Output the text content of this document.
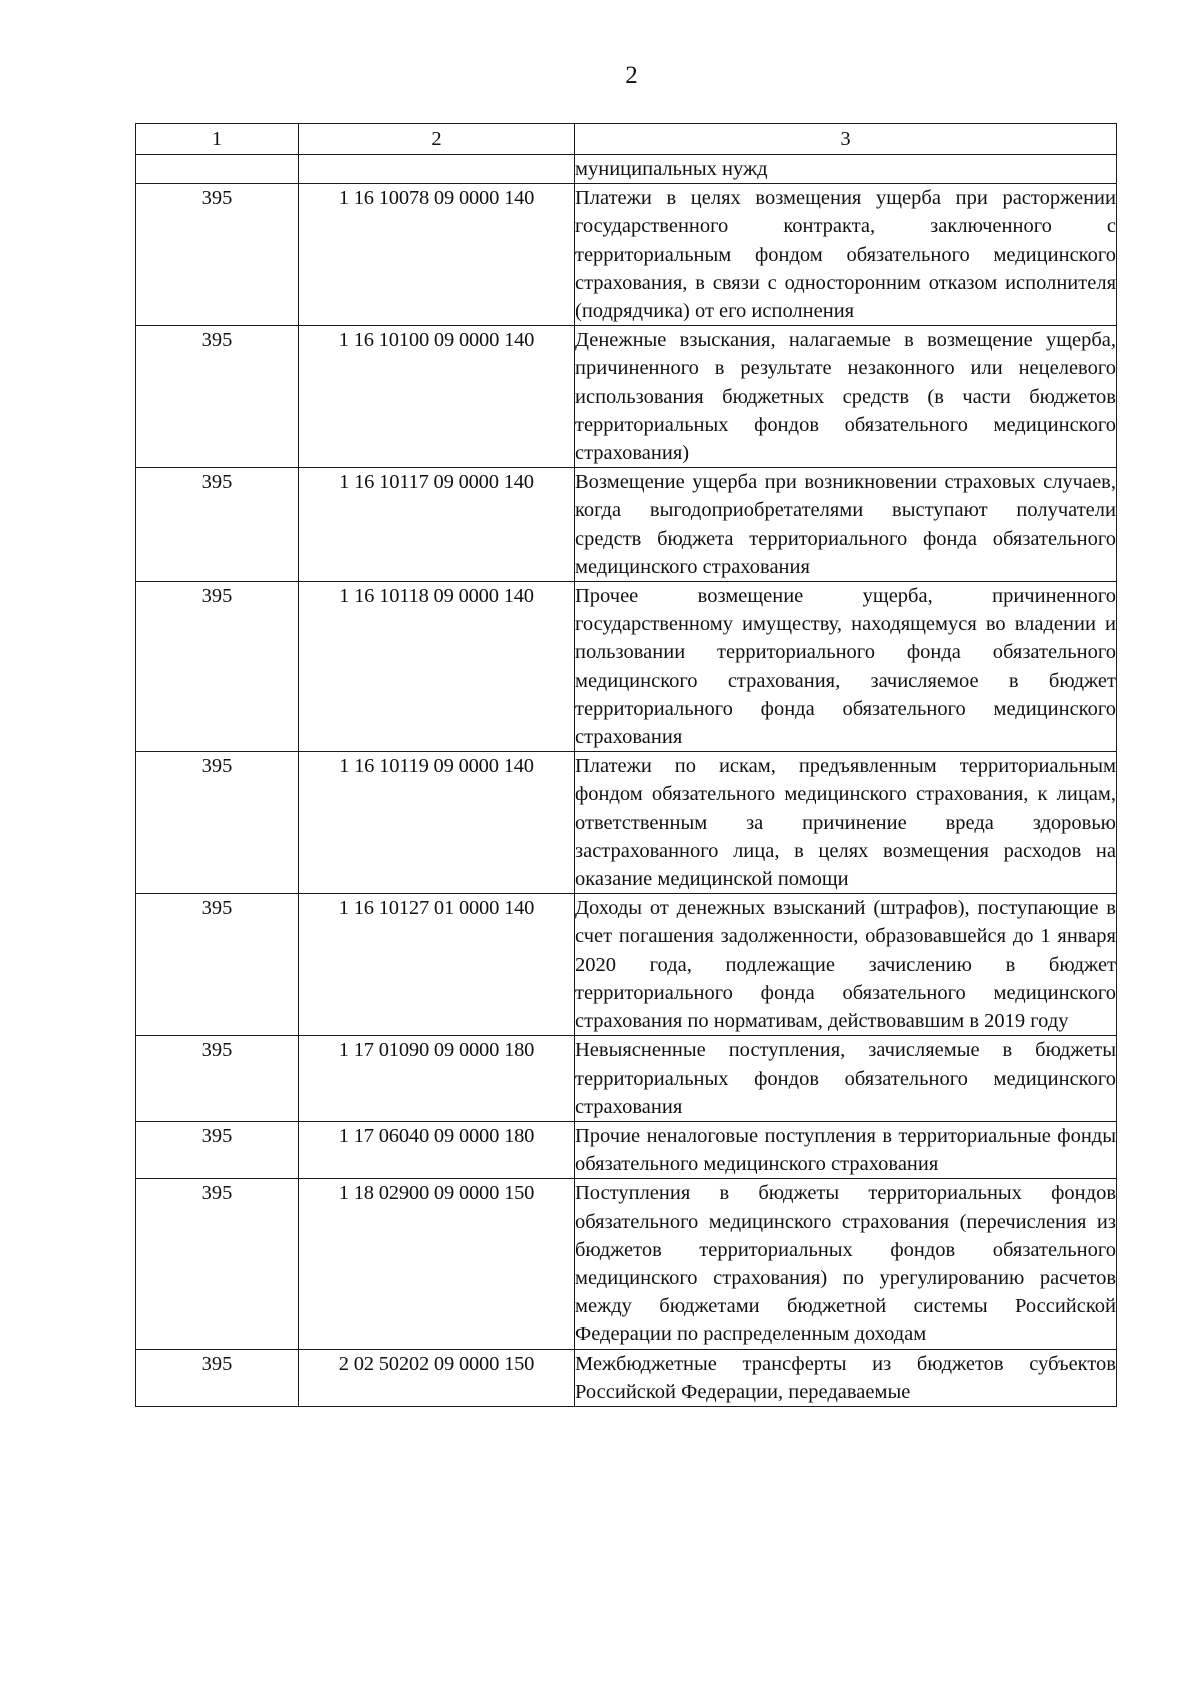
2
1	2	3
		муниципальных нужд
395	1 16 10078 09 0000 140	Платежи в целях возмещения ущерба при расторжении государственного контракта, заключенного с территориальным фондом обязательного медицинского страхования, в связи с односторонним отказом исполнителя (подрядчика) от его исполнения
395	1 16 10100 09 0000 140	Денежные взыскания, налагаемые в возмещение ущерба, причиненного в результате незаконного или нецелевого использования бюджетных средств (в части бюджетов территориальных фондов обязательного медицинского страхования)
395	1 16 10117 09 0000 140	Возмещение ущерба при возникновении страховых случаев, когда выгодоприобретателями выступают получатели средств бюджета территориального фонда обязательного медицинского страхования
395	1 16 10118 09 0000 140	Прочее возмещение ущерба, причиненного государственному имуществу, находящемуся во владении и пользовании территориального фонда обязательного медицинского страхования, зачисляемое в бюджет территориального фонда обязательного медицинского страхования
395	1 16 10119 09 0000 140	Платежи по искам, предъявленным территориальным фондом обязательного медицинского страхования, к лицам, ответственным за причинение вреда здоровью застрахованного лица, в целях возмещения расходов на оказание медицинской помощи
395	1 16 10127 01 0000 140	Доходы от денежных взысканий (штрафов), поступающие в счет погашения задолженности, образовавшейся до 1 января 2020 года, подлежащие зачислению в бюджет территориального фонда обязательного медицинского страхования по нормативам, действовавшим в 2019 году
395	1 17 01090 09 0000 180	Невыясненные поступления, зачисляемые в бюджеты территориальных фондов обязательного медицинского страхования
395	1 17 06040 09 0000 180	Прочие неналоговые поступления в территориальные фонды обязательного медицинского страхования
395	1 18 02900 09 0000 150	Поступления в бюджеты территориальных фондов обязательного медицинского страхования (перечисления из бюджетов территориальных фондов обязательного медицинского страхования) по урегулированию расчетов между бюджетами бюджетной системы Российской Федерации по распределенным доходам
395	2 02 50202 09 0000 150	Межбюджетные трансферты из бюджетов субъектов Российской Федерации, передаваемые
